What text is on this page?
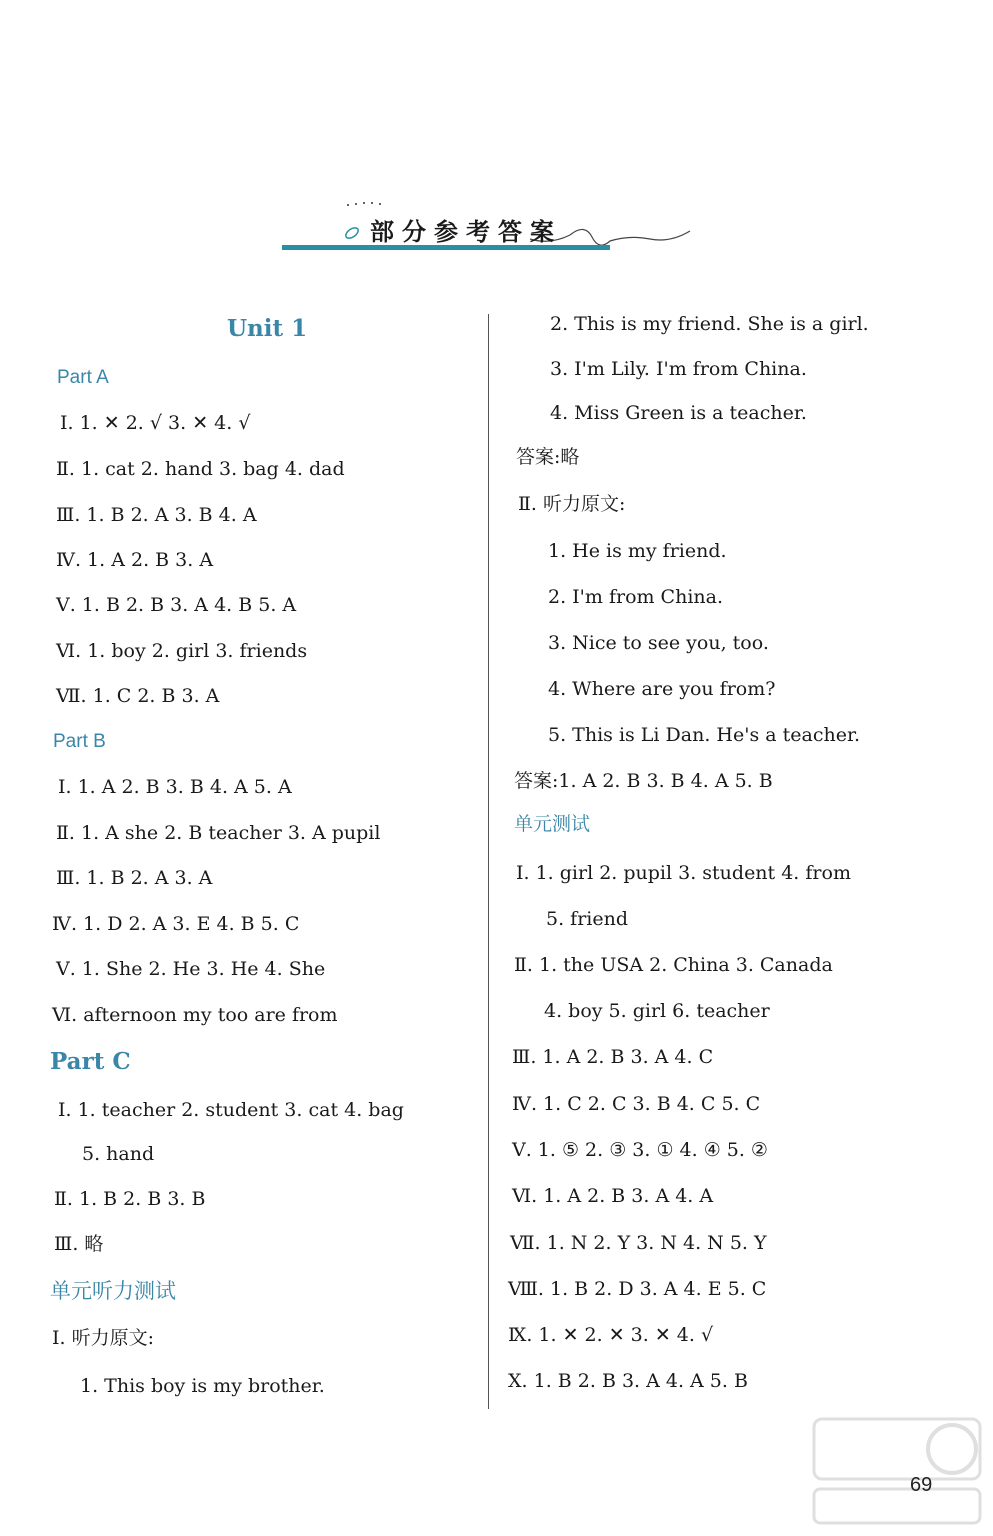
部分参考答案
Unit 1
Part A
Ⅰ. 1. ✕ 2. √ 3. ✕ 4. √
Ⅱ. 1. cat 2. hand 3. bag 4. dad
Ⅲ. 1. B 2. A 3. B 4. A
Ⅳ. 1. A 2. B 3. A
Ⅴ. 1. B 2. B 3. A 4. B 5. A
Ⅵ. 1. boy 2. girl 3. friends
Ⅶ. 1. C 2. B 3. A
Part B
Ⅰ. 1. A 2. B 3. B 4. A 5. A
Ⅱ. 1. A she 2. B teacher 3. A pupil
Ⅲ. 1. B 2. A 3. A
Ⅳ. 1. D 2. A 3. E 4. B 5. C
Ⅴ. 1. She 2. He 3. He 4. She
Ⅵ. afternoon my too are from
Part C
Ⅰ. 1. teacher 2. student 3. cat 4. bag
5. hand
Ⅱ. 1. B 2. B 3. B
Ⅲ. 略
单元听力测试
Ⅰ. 听力原文:
1. This boy is my brother.
2. This is my friend. She is a girl.
3. I'm Lily. I'm from China.
4. Miss Green is a teacher.
答案:略
Ⅱ. 听力原文:
1. He is my friend.
2. I'm from China.
3. Nice to see you, too.
4. Where are you from?
5. This is Li Dan. He's a teacher.
答案:1. A 2. B 3. B 4. A 5. B
单元测试
Ⅰ. 1. girl 2. pupil 3. student 4. from
5. friend
Ⅱ. 1. the USA 2. China 3. Canada
4. boy 5. girl 6. teacher
Ⅲ. 1. A 2. B 3. A 4. C
Ⅳ. 1. C 2. C 3. B 4. C 5. C
Ⅴ. 1. ⑤ 2. ③ 3. ① 4. ④ 5. ②
Ⅵ. 1. A 2. B 3. A 4. A
Ⅶ. 1. N 2. Y 3. N 4. N 5. Y
Ⅷ. 1. B 2. D 3. A 4. E 5. C
Ⅸ. 1. ✕ 2. ✕ 3. ✕ 4. √
Ⅹ. 1. B 2. B 3. A 4. A 5. B
69
